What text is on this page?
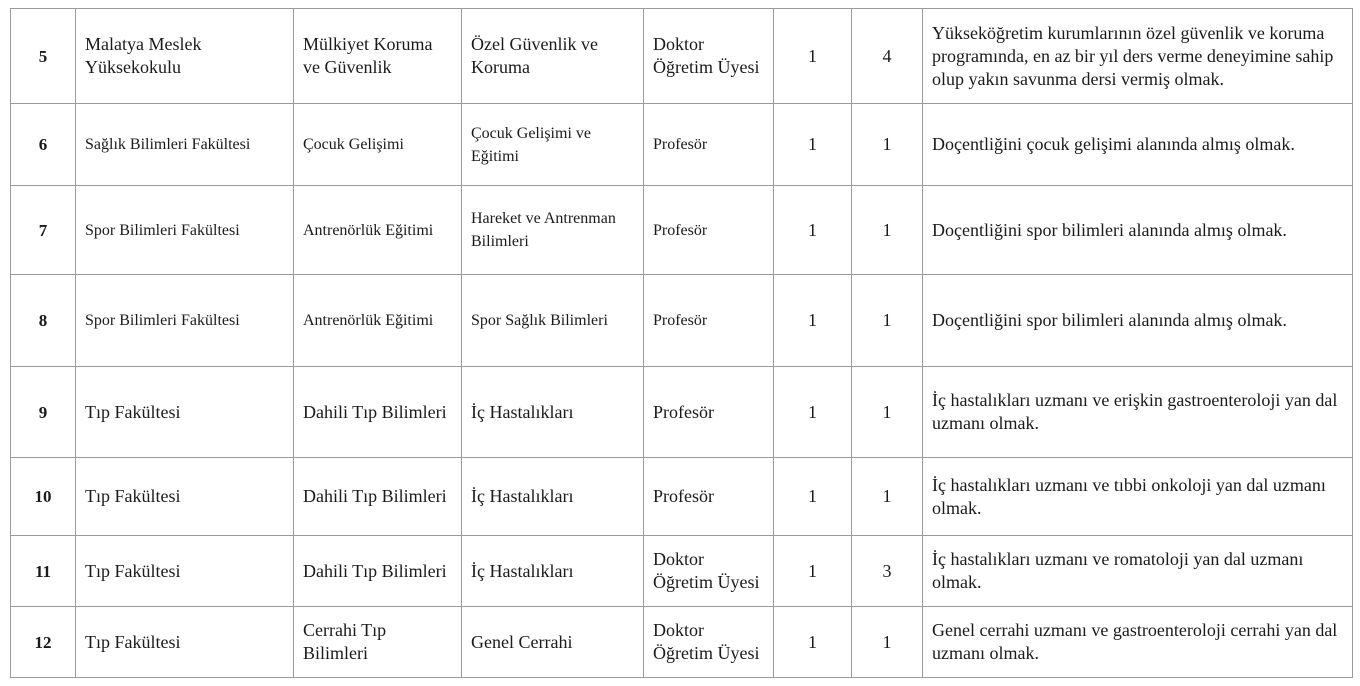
5	Malatya Meslek Yüksekokulu	Mülkiyet Koruma ve Güvenlik	Özel Güvenlik ve Koruma	Doktor Öğretim Üyesi	1	4	Yükseköğretim kurumlarının özel güvenlik ve koruma programında, en az bir yıl ders verme deneyimine sahip olup yakın savunma dersi vermiş olmak.
6	Sağlık Bilimleri Fakültesi	Çocuk Gelişimi	Çocuk Gelişimi ve Eğitimi	Profesör	1	1	Doçentliğini çocuk gelişimi alanında almış olmak.
7	Spor Bilimleri Fakültesi	Antrenörlük Eğitimi	Hareket ve Antrenman Bilimleri	Profesör	1	1	Doçentliğini spor bilimleri alanında almış olmak.
8	Spor Bilimleri Fakültesi	Antrenörlük Eğitimi	Spor Sağlık Bilimleri	Profesör	1	1	Doçentliğini spor bilimleri alanında almış olmak.
9	Tıp Fakültesi	Dahili Tıp Bilimleri	İç Hastalıkları	Profesör	1	1	İç hastalıkları uzmanı ve erişkin gastroenteroloji yan dal uzmanı olmak.
10	Tıp Fakültesi	Dahili Tıp Bilimleri	İç Hastalıkları	Profesör	1	1	İç hastalıkları uzmanı ve tıbbi onkoloji yan dal uzmanı olmak.
11	Tıp Fakültesi	Dahili Tıp Bilimleri	İç Hastalıkları	Doktor Öğretim Üyesi	1	3	İç hastalıkları uzmanı ve romatoloji yan dal uzmanı olmak.
12	Tıp Fakültesi	Cerrahi Tıp Bilimleri	Genel Cerrahi	Doktor Öğretim Üyesi	1	1	Genel cerrahi uzmanı ve gastroenteroloji cerrahi yan dal uzmanı olmak.
